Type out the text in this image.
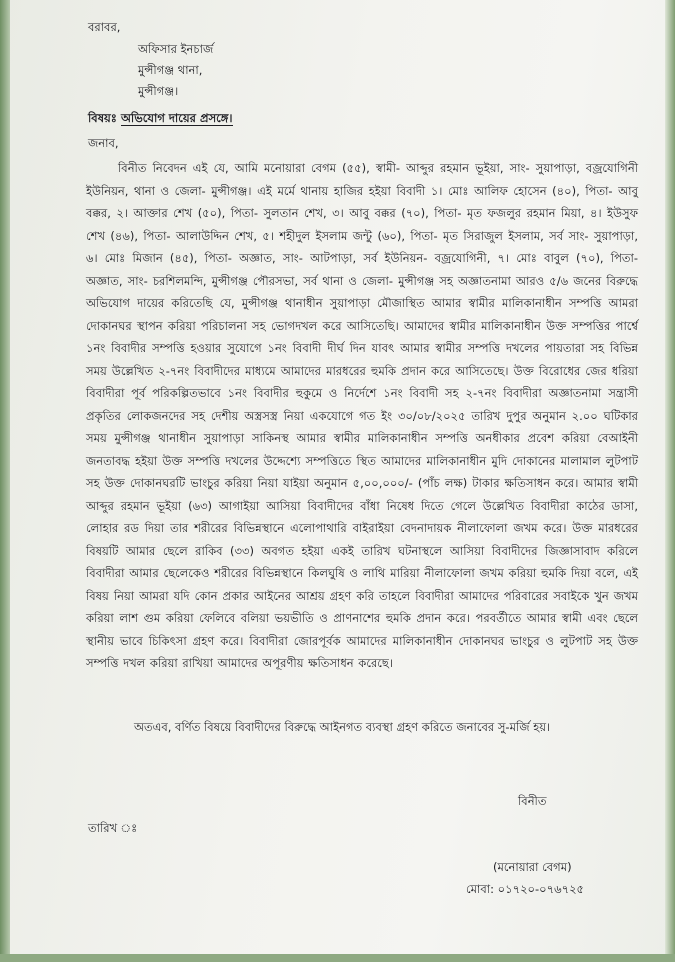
বরাবর,
অফিসার ইনচার্জ
মুন্সীগঞ্জ থানা,
মুন্সীগঞ্জ।
বিষয়ঃ অভিযোগ দায়ের প্রসঙ্গে।
জনাব,
বিনীত নিবেদন এই যে, আমি মনোয়ারা বেগম (৫৫), স্বামী- আব্দুর রহমান ভূইয়া, সাং- সুয়াপাড়া, বজ্রযোগিনী ইউনিয়ন, থানা ও জেলা- মুন্সীগঞ্জ। এই মর্মে থানায় হাজির হইয়া বিবাদী ১। মোঃ আলিফ হোসেন (৪০), পিতা- আবু বক্কর, ২। আক্তার শেখ (৫০), পিতা- সুলতান শেখ, ৩। আবু বক্কর (৭০), পিতা- মৃত ফজলুর রহমান মিয়া, ৪। ইউসুফ শেখ (৪৬), পিতা- আলাউদ্দিন শেখ, ৫। শহীদুল ইসলাম জন্টু (৬০), পিতা- মৃত সিরাজুল ইসলাম, সর্ব সাং- সুয়াপাড়া, ৬। মোঃ মিজান (৪৫), পিতা- অজ্ঞাত, সাং- আটপাড়া, সর্ব ইউনিয়ন- বজ্রযোগিনী, ৭। মোঃ বাবুল (৭০), পিতা- অজ্ঞাত, সাং- চরশিলমন্দি, মুন্সীগঞ্জ পৌরসভা, সর্ব থানা ও জেলা- মুন্সীগঞ্জ সহ অজ্ঞাতনামা আরও ৫/৬ জনের বিরুদ্ধে অভিযোগ দায়ের করিতেছি যে, মুন্সীগঞ্জ থানাধীন সুয়াপাড়া মৌজাস্থিত আমার স্বামীর মালিকানাধীন সম্পত্তি আমরা দোকানঘর স্থাপন করিয়া পরিচালনা সহ ভোগদখল করে আসিতেছি। আমাদের স্বামীর মালিকানাধীন উক্ত সম্পত্তির পার্শ্বে ১নং বিবাদীর সম্পত্তি হওয়ার সুযোগে ১নং বিবাদী দীর্ঘ দিন যাবৎ আমার স্বামীর সম্পত্তি দখলের পায়তারা সহ বিভিন্ন সময় উল্লেখিত ২-৭নং বিবাদীদের মাধ্যমে আমাদের মারধরের হুমকি প্রদান করে আসিতেছে। উক্ত বিরোধের জের ধরিয়া বিবাদীরা পূর্ব পরিকল্পিতভাবে ১নং বিবাদীর হুকুমে ও নির্দেশে ১নং বিবাদী সহ ২-৭নং বিবাদীরা অজ্ঞাতনামা সন্ত্রাসী প্রকৃতির লোকজনদের সহ দেশীয় অস্ত্রসস্ত্র নিয়া একযোগে গত ইং ৩০/০৮/২০২৫ তারিখ দুপুর অনুমান ২.০০ ঘটিকার সময় মুন্সীগঞ্জ থানাধীন সুয়াপাড়া সাকিনস্থ আমার স্বামীর মালিকানাধীন সম্পত্তি অনধীকার প্রবেশ করিয়া বেআইনী জনতাবদ্ধ হইয়া উক্ত সম্পত্তি দখলের উদ্দেশ্যে সম্পত্তিতে স্থিত আমাদের মালিকানাধীন মুদি দোকানের মালামাল লুটপাট সহ উক্ত দোকানঘরটি ভাংচুর করিয়া নিয়া যাইয়া অনুমান ৫,০০,০০০/- (পাঁচ লক্ষ) টাকার ক্ষতিসাধন করে। আমার স্বামী আব্দুর রহমান ভূইয়া (৬৩) আগাইয়া আসিয়া বিবাদীদের বাঁধা নিষেধ দিতে গেলে উল্লেখিত বিবাদীরা কাঠের ডাসা, লোহার রড দিয়া তার শরীরের বিভিন্নস্থানে এলোপাথারি বাইরাইয়া বেদনাদায়ক নীলাফোলা জখম করে। উক্ত মারধরের বিষয়টি আমার ছেলে রাকিব (৩৩) অবগত হইয়া একই তারিখ ঘটনাস্থলে আসিয়া বিবাদীদের জিজ্ঞাসাবাদ করিলে বিবাদীরা আমার ছেলেকেও শরীরের বিভিন্নস্থানে কিলঘুষি ও লাথি মারিয়া নীলাফোলা জখম করিয়া হুমকি দিয়া বলে, এই বিষয় নিয়া আমরা যদি কোন প্রকার আইনের আশ্রয় গ্রহণ করি তাহলে বিবাদীরা আমাদের পরিবারের সবাইকে খুন জখম করিয়া লাশ গুম করিয়া ফেলিবে বলিয়া ভয়ভীতি ও প্রাণনাশের হুমকি প্রদান করে। পরবর্তীতে আমার স্বামী এবং ছেলে স্থানীয় ভাবে চিকিৎসা গ্রহণ করে। বিবাদীরা জোরপূর্বক আমাদের মালিকানাধীন দোকানঘর ভাংচুর ও লুটপাট সহ উক্ত সম্পত্তি দখল করিয়া রাখিয়া আমাদের অপূরণীয় ক্ষতিসাধন করেছে।
অতএব, বর্ণিত বিষয়ে বিবাদীদের বিরুদ্ধে আইনগত ব্যবস্থা গ্রহণ করিতে জনাবের সু-মর্জি হয়।
বিনীত
তারিখ ঃ
(মনোয়ারা বেগম)
মোবা: ০১৭২০-০৭৬৭২৫
